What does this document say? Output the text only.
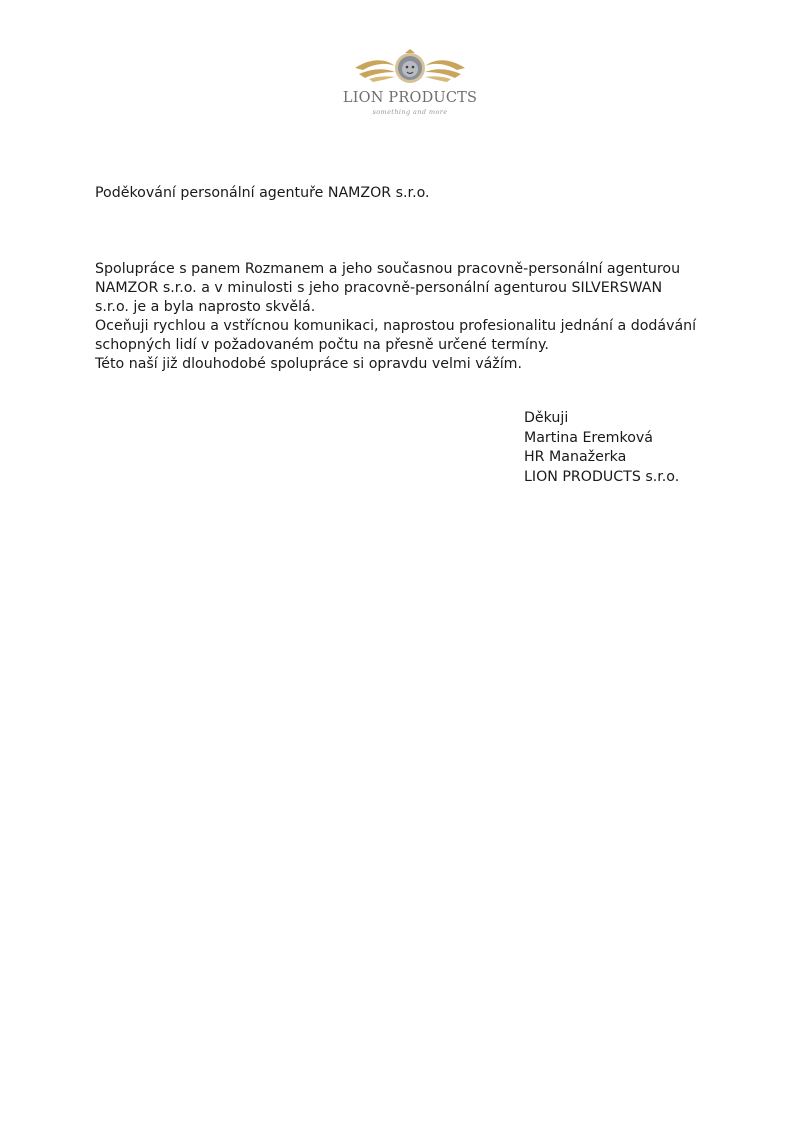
LION PRODUCTS
something and more
Poděkování personální agentuře NAMZOR s.r.o.
Spolupráce s panem Rozmanem a jeho současnou pracovně-personální agenturou
NAMZOR s.r.o. a v minulosti s jeho pracovně-personální agenturou SILVERSWAN
s.r.o. je a byla naprosto skvělá.
Oceňuji rychlou a vstřícnou komunikaci, naprostou profesionalitu jednání a dodávání
schopných lidí v požadovaném počtu na přesně určené termíny.
Této naší již dlouhodobé spolupráce si opravdu velmi vážím.
Děkuji
Martina Eremková
HR Manažerka
LION PRODUCTS s.r.o.
